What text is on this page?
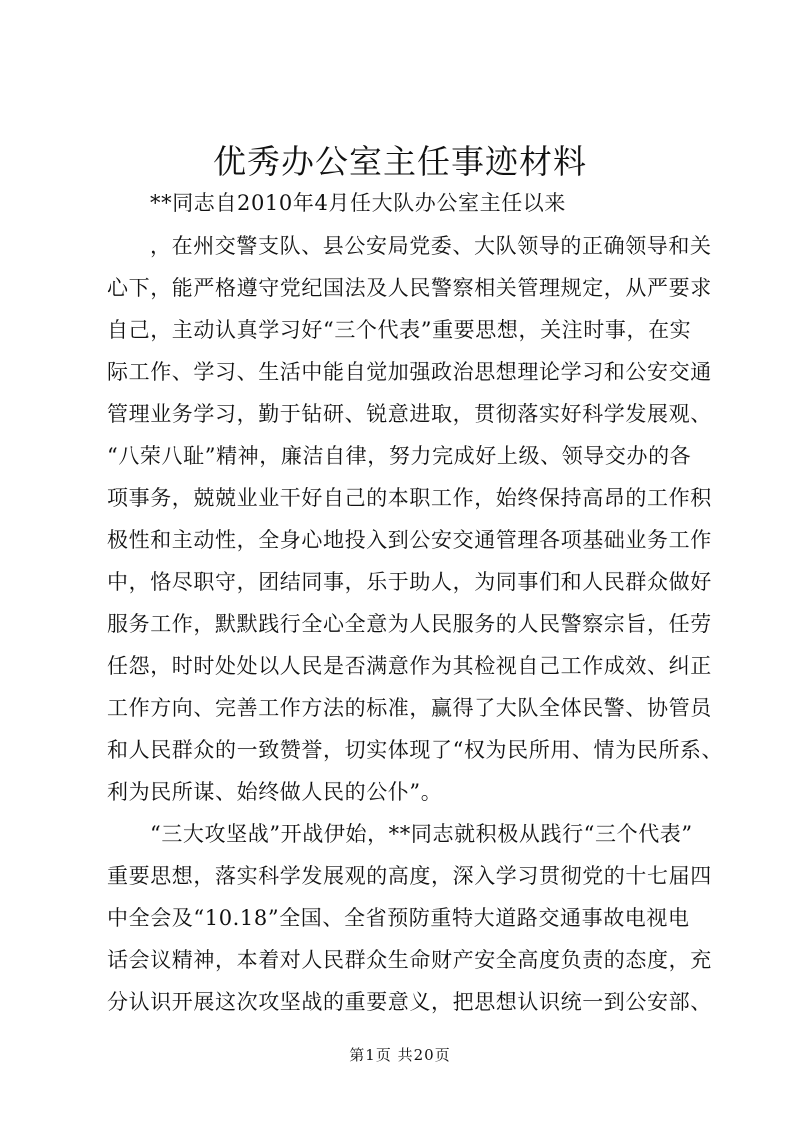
优秀办公室主任事迹材料
**同志自2010年4月任大队办公室主任以来
，在州交警支队、县公安局党委、大队领导的正确领导和关
心下，能严格遵守党纪国法及人民警察相关管理规定，从严要求
自己，主动认真学习好“三个代表”重要思想，关注时事，在实
际工作、学习、生活中能自觉加强政治思想理论学习和公安交通
管理业务学习，勤于钻研、锐意进取，贯彻落实好科学发展观、
“八荣八耻”精神，廉洁自律，努力完成好上级、领导交办的各
项事务，兢兢业业干好自己的本职工作，始终保持高昂的工作积
极性和主动性，全身心地投入到公安交通管理各项基础业务工作
中，恪尽职守，团结同事，乐于助人，为同事们和人民群众做好
服务工作，默默践行全心全意为人民服务的人民警察宗旨，任劳
任怨，时时处处以人民是否满意作为其检视自己工作成效、纠正
工作方向、完善工作方法的标准，赢得了大队全体民警、协管员
和人民群众的一致赞誉，切实体现了“权为民所用、情为民所系、
利为民所谋、始终做人民的公仆”。
“三大攻坚战”开战伊始，**同志就积极从践行“三个代表”
重要思想，落实科学发展观的高度，深入学习贯彻党的十七届四
中全会及“10.18”全国、全省预防重特大道路交通事故电视电
话会议精神，本着对人民群众生命财产安全高度负责的态度，充
分认识开展这次攻坚战的重要意义，把思想认识统一到公安部、
第1页 共20页
